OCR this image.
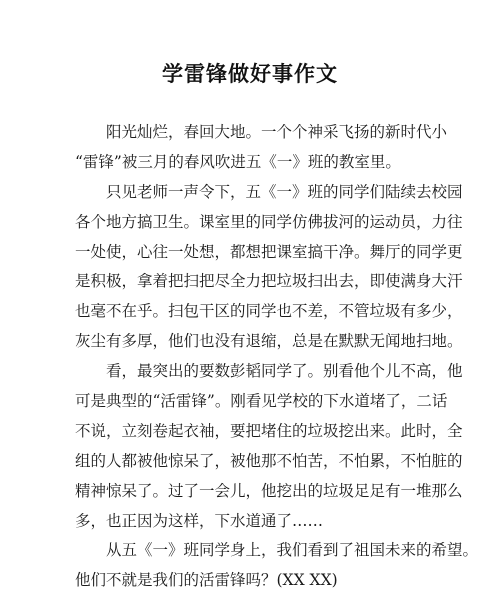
学雷锋做好事作文
阳光灿烂，春回大地。一个个神采飞扬的新时代小
“雷锋”被三月的春风吹进五《一》班的教室里。
只见老师一声令下，五《一》班的同学们陆续去校园
各个地方搞卫生。课室里的同学仿佛拔河的运动员，力往
一处使，心往一处想，都想把课室搞干净。舞厅的同学更
是积极，拿着把扫把尽全力把垃圾扫出去，即使满身大汗
也毫不在乎。扫包干区的同学也不差，不管垃圾有多少，
灰尘有多厚，他们也没有退缩，总是在默默无闻地扫地。
看，最突出的要数彭韬同学了。别看他个儿不高，他
可是典型的“活雷锋”。刚看见学校的下水道堵了，二话
不说，立刻卷起衣袖，要把堵住的垃圾挖出来。此时，全
组的人都被他惊呆了，被他那不怕苦，不怕累，不怕脏的
精神惊呆了。过了一会儿，他挖出的垃圾足足有一堆那么
多，也正因为这样，下水道通了……
从五《一》班同学身上，我们看到了祖国未来的希望。
他们不就是我们的活雷锋吗？(XX XX)
